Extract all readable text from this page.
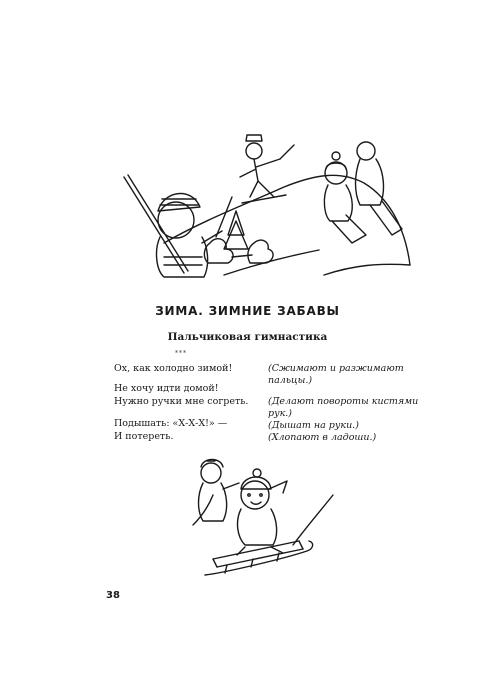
ЗИМА. ЗИМНИЕ ЗАБАВЫ
Пальчиковая гимнастика
***
Ох, как холодно зимой!
Не хочу идти домой!
Нужно ручки мне согреть.
Подышать: «Х-Х-Х!» —
И потереть.
(Сжимают и разжимают
пальцы.)
(Делают повороты кистями
рук.)
(Дышат на руки.)
(Хлопают в ладоши.)
38
